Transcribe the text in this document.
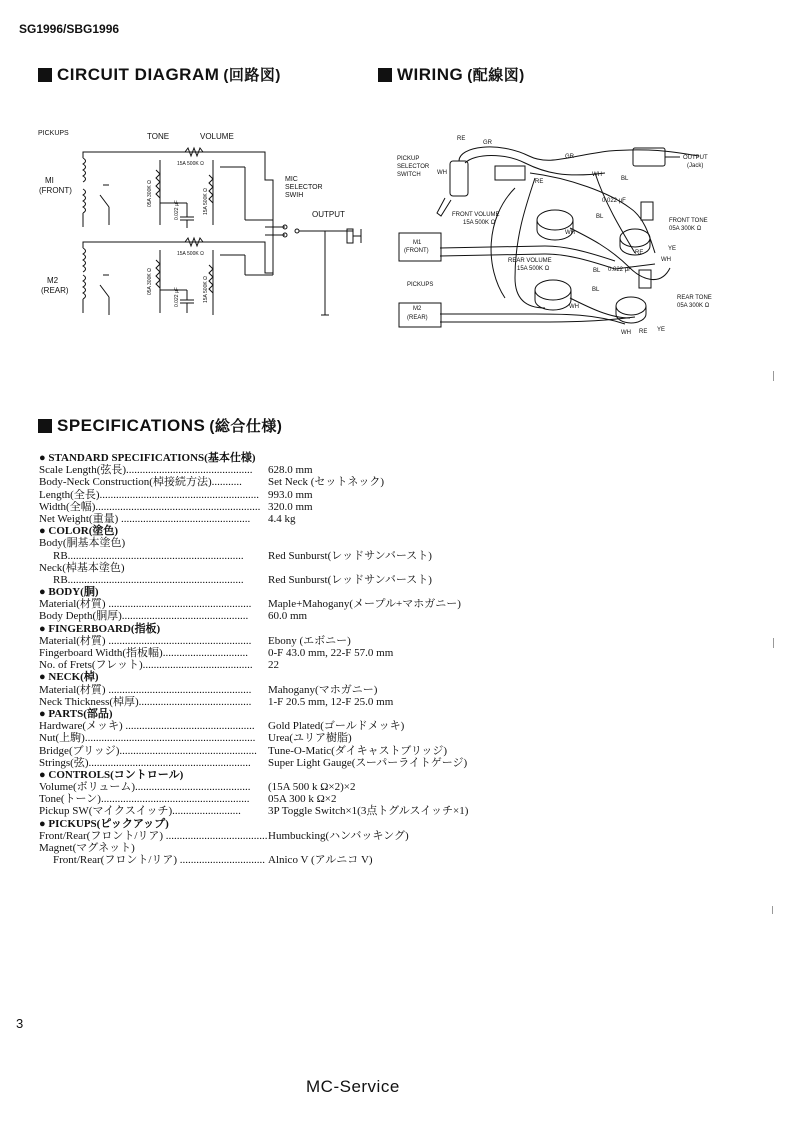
SG1996/SBG1996
CIRCUIT DIAGRAM (回路図)	WIRING (配線図)
PICKUPS	TONE	VOLUME
MI
(FRONT)
M2
(REAR)
15A 500K Ω
15A 500K Ω
05A 300K Ω
05A 300K Ω
0.022 μF
0.022 μF
15A 500K Ω
15A 500K Ω
MIC
SELECTOR
SWIH
OUTPUT
RE
GR
GR
PICKUP
SELECTOR
SWITCH	WH
RE
WH
BL
OUTPUT
(Jack)
0.022 μF
FRONT VOLUME
15A 500K Ω
BL
FRONT TONE
05A 300K Ω
WH
RE
YE
WH
M1
(FRONT)
REAR VOLUME
15A 500K Ω	BL 0.022 μF
PICKUPS
BL
M2
(REAR)
WH
REAR TONE
05A 300K Ω
WH RE YE
SPECIFICATIONS (総合仕様)
● STANDARD SPECIFICATIONS(基本仕様)
Scale Length(弦長)..............................................	628.0 mm
Body-Neck Construction(棹接続方法)...........	Set Neck (セットネック)
Length(全長).......................................................... 993.0 mm
Width(全幅)............................................................ 320.0 mm
Net Weight(重量) ...............................................	4.4 kg
● COLOR(塗色)
Body(胴基本塗色)
RB................................................................	Red Sunburst(レッドサンバースト)
Neck(棹基本塗色)
RB................................................................	Red Sunburst(レッドサンバースト)
● BODY(胴)
Material(材質) ....................................................	Maple+Mahogany(メープル+マホガニー)
Body Depth(胴厚)..............................................	60.0 mm
● FINGERBOARD(指板)
Material(材質) ....................................................	Ebony (エボニー)
Fingerboard Width(指板幅)...............................	0-F 43.0 mm, 22-F 57.0 mm
No. of Frets(フレット)........................................	22
● NECK(棹)
Material(材質) ....................................................	Mahogany(マホガニー)
Neck Thickness(棹厚).........................................	1-F 20.5 mm, 12-F 25.0 mm
● PARTS(部品)
Hardware(メッキ) ...............................................	Gold Plated(ゴールドメッキ)
Nut(上駒)..............................................................	Urea(ユリア樹脂)
Bridge(ブリッジ)..................................................	Tune-O-Matic(ダイキャストブリッジ)
Strings(弦)...........................................................	Super Light Gauge(スーパーライトゲージ)
● CONTROLS(コントロール)
Volume(ボリューム)..........................................	(15A 500 k Ω×2)×2
Tone(トーン)......................................................	05A 300 k Ω×2
Pickup SW(マイクスイッチ).........................	3P Toggle Switch×1(3点トグルスイッチ×1)
● PICKUPS(ピックアップ)
Front/Rear(フロント/リア) ..................................... Humbucking(ハンバッキング)
Magnet(マグネット)
Front/Rear(フロント/リア) ............................... Alnico V (アルニコ V)
3
MC-Service
